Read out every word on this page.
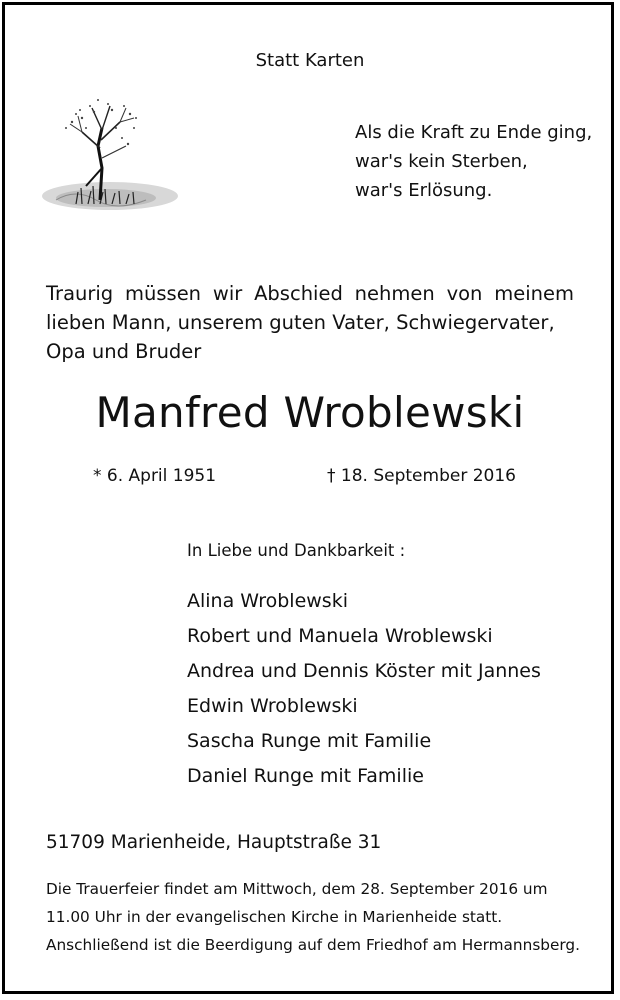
Statt Karten
Als die Kraft zu Ende ging,
war's kein Sterben,
war's Erlösung.
Traurig müssen wir Abschied nehmen von meinem lieben Mann, unserem guten Vater, Schwiegervater,
Opa und Bruder
Manfred Wroblewski
* 6. April 1951	† 18. September 2016
In Liebe und Dankbarkeit :
Alina Wroblewski
Robert und Manuela Wroblewski
Andrea und Dennis Köster mit Jannes
Edwin Wroblewski
Sascha Runge mit Familie
Daniel Runge mit Familie
51709 Marienheide, Hauptstraße 31
Die Trauerfeier findet am Mittwoch, dem 28. September 2016 um
11.00 Uhr in der evangelischen Kirche in Marienheide statt.
Anschließend ist die Beerdigung auf dem Friedhof am Hermannsberg.
